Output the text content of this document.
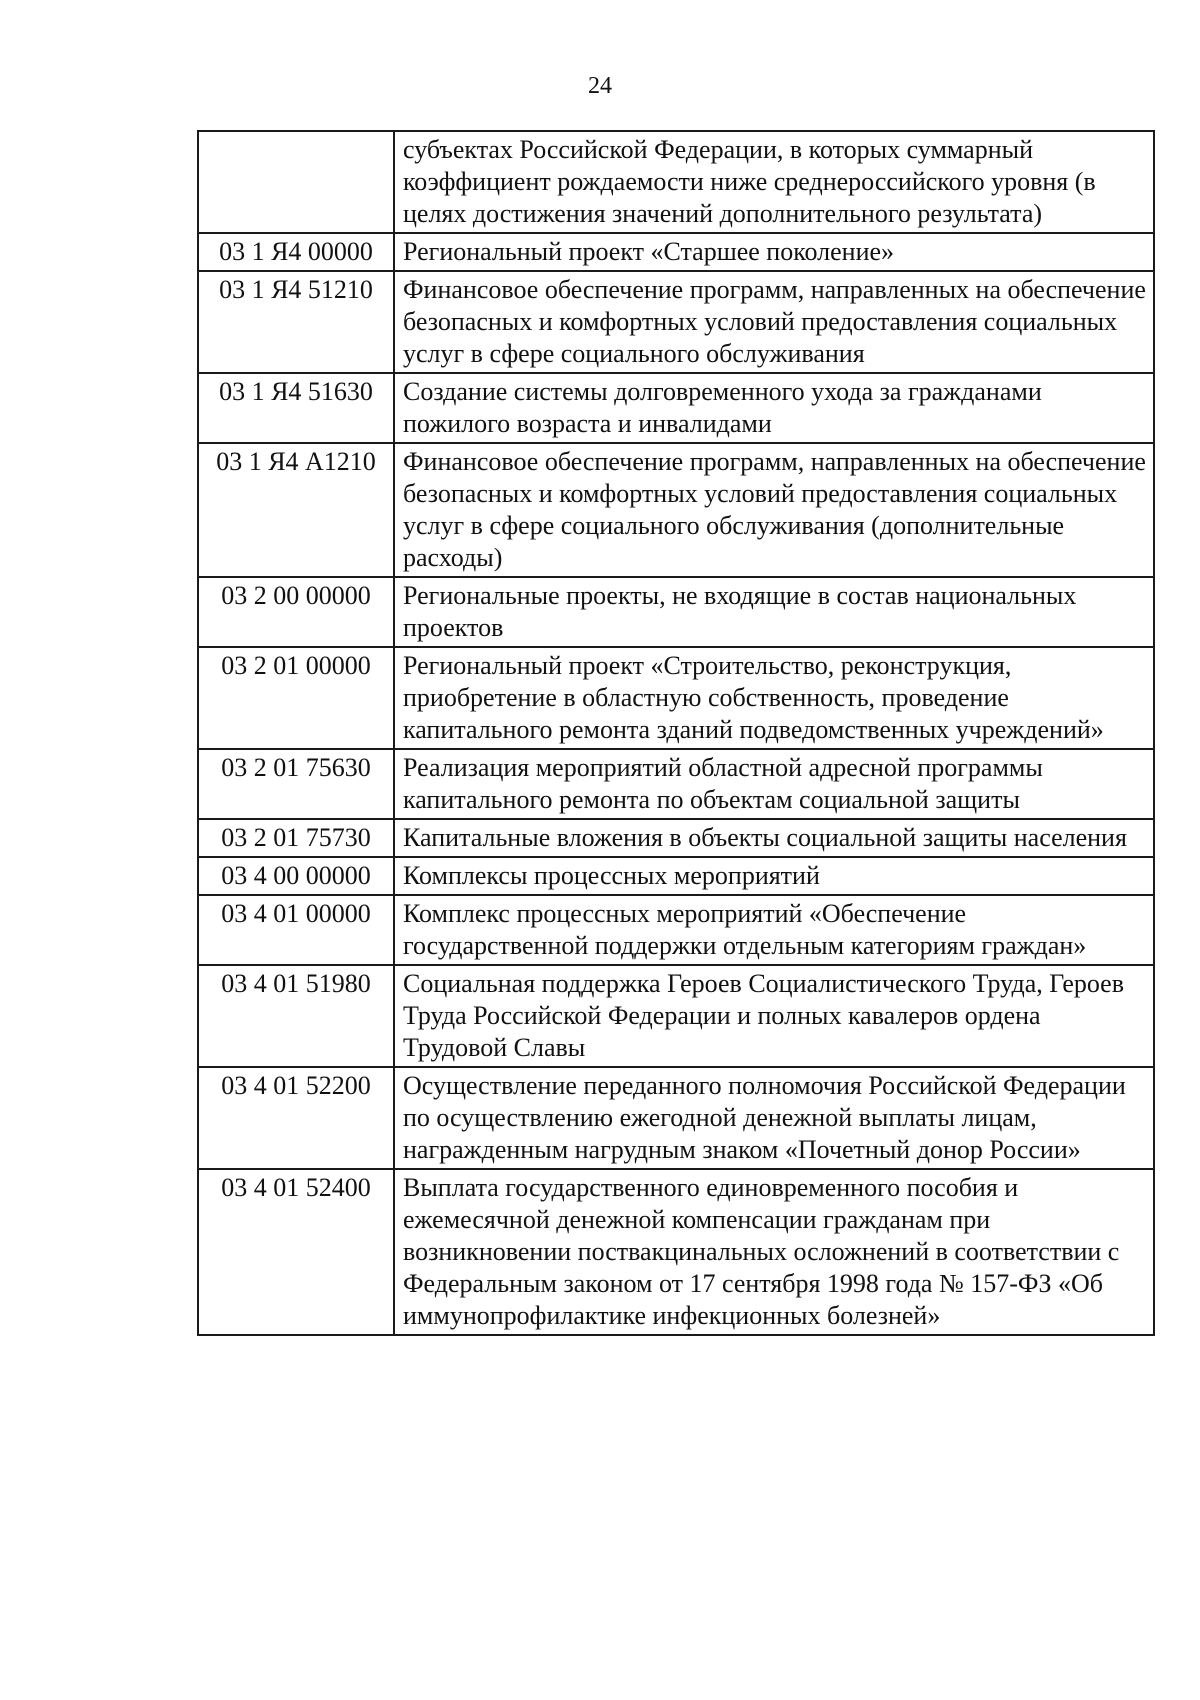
24
	субъектах Российской Федерации, в которых суммарный коэффициент рождаемости ниже среднероссийского уровня (в целях достижения значений дополнительного результата)
03 1 Я4 00000	Региональный проект «Старшее поколение»
03 1 Я4 51210	Финансовое обеспечение программ, направленных на обеспечение безопасных и комфортных условий предоставления социальных услуг в сфере социального обслуживания
03 1 Я4 51630	Создание системы долговременного ухода за гражданами пожилого возраста и инвалидами
03 1 Я4 А1210	Финансовое обеспечение программ, направленных на обеспечение безопасных и комфортных условий предоставления социальных услуг в сфере социального обслуживания (дополнительные расходы)
03 2 00 00000	Региональные проекты, не входящие в состав национальных проектов
03 2 01 00000	Региональный проект «Строительство, реконструкция, приобретение в областную собственность, проведение капитального ремонта зданий подведомственных учреждений»
03 2 01 75630	Реализация мероприятий областной адресной программы капитального ремонта по объектам социальной защиты
03 2 01 75730	Капитальные вложения в объекты социальной защиты населения
03 4 00 00000	Комплексы процессных мероприятий
03 4 01 00000	Комплекс процессных мероприятий «Обеспечение государственной поддержки отдельным категориям граждан»
03 4 01 51980	Социальная поддержка Героев Социалистического Труда, Героев Труда Российской Федерации и полных кавалеров ордена Трудовой Славы
03 4 01 52200	Осуществление переданного полномочия Российской Федерации по осуществлению ежегодной денежной выплаты лицам, награжденным нагрудным знаком «Почетный донор России»
03 4 01 52400	Выплата государственного единовременного пособия и ежемесячной денежной компенсации гражданам при возникновении поствакцинальных осложнений в соответствии с Федеральным законом от 17 сентября 1998 года № 157-ФЗ «Об иммунопрофилактике инфекционных болезней»
